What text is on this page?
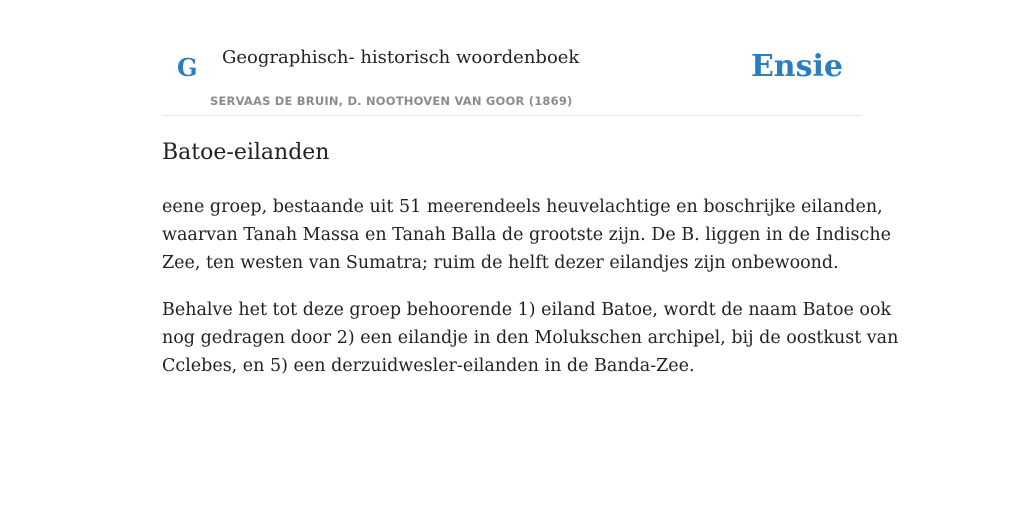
G Geographisch- historisch woordenboek
SERVAAS DE BRUIN, D. NOOTHOVEN VAN GOOR (1869)
Ensie
Batoe-eilanden

eene groep, bestaande uit 51 meerendeels heuvelachtige en boschrijke eilanden,
waarvan Tanah Massa en Tanah Balla de grootste zijn. De B. liggen in de Indische
Zee, ten westen van Sumatra; ruim de helft dezer eilandjes zijn onbewoond.

Behalve het tot deze groep behoorende 1) eiland Batoe, wordt de naam Batoe ook
nog gedragen door 2) een eilandje in den Molukschen archipel, bij de oostkust van
Cclebes, en 5) een derzuidwesler-eilanden in de Banda-Zee.
